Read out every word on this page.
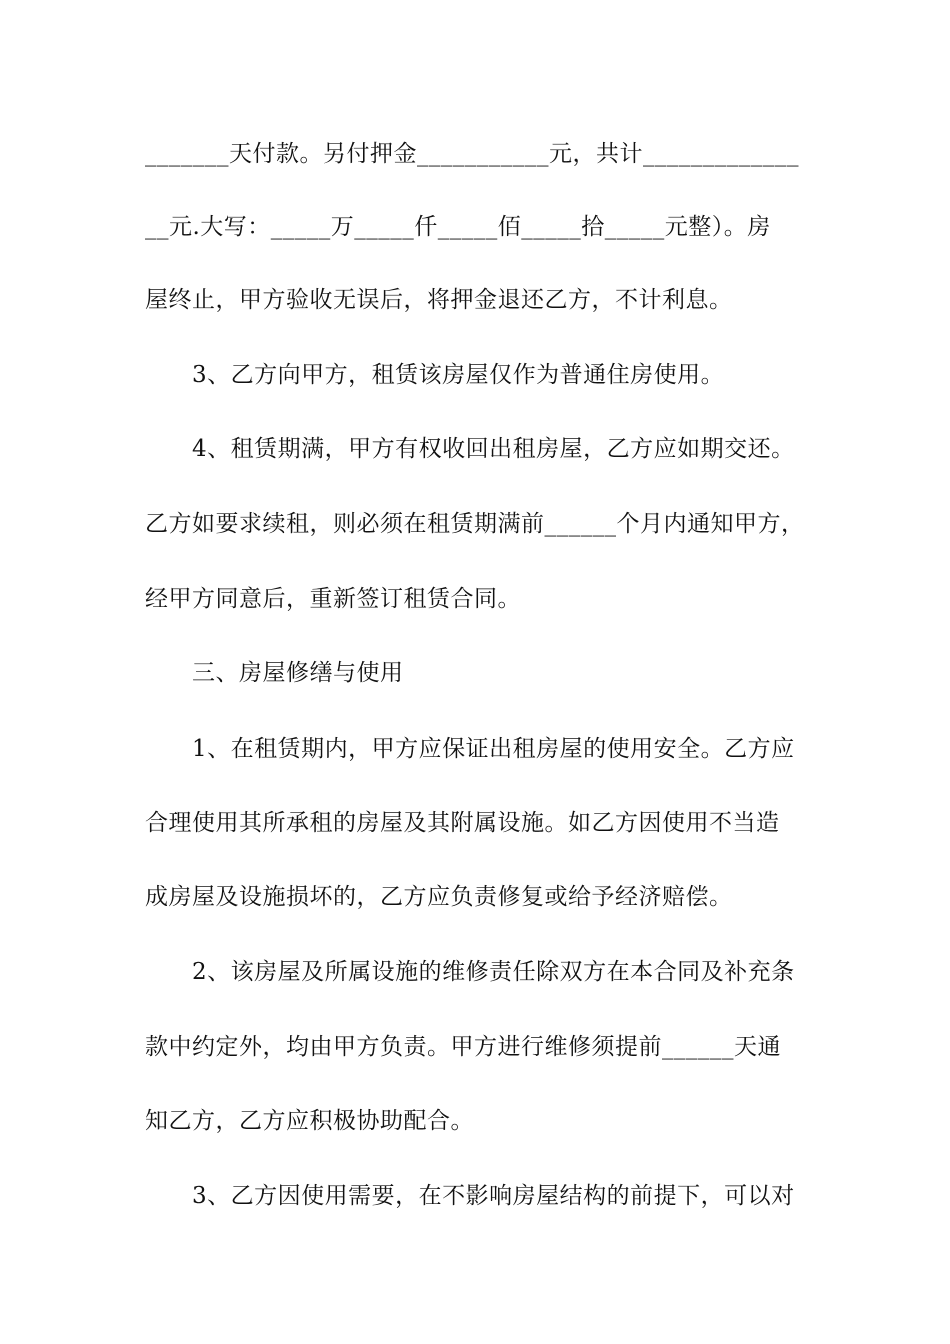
_______天付款。另付押金___________元，共计_____________
__元.大写：_____万_____仟_____佰_____拾_____元整）。房
屋终止，甲方验收无误后，将押金退还乙方，不计利息。
3、乙方向甲方，租赁该房屋仅作为普通住房使用。
4、租赁期满，甲方有权收回出租房屋，乙方应如期交还。
乙方如要求续租，则必须在租赁期满前______个月内通知甲方，
经甲方同意后，重新签订租赁合同。
三、房屋修缮与使用
1、在租赁期内，甲方应保证出租房屋的使用安全。乙方应
合理使用其所承租的房屋及其附属设施。如乙方因使用不当造
成房屋及设施损坏的，乙方应负责修复或给予经济赔偿。
2、该房屋及所属设施的维修责任除双方在本合同及补充条
款中约定外，均由甲方负责。甲方进行维修须提前______天通
知乙方，乙方应积极协助配合。
3、乙方因使用需要，在不影响房屋结构的前提下，可以对
